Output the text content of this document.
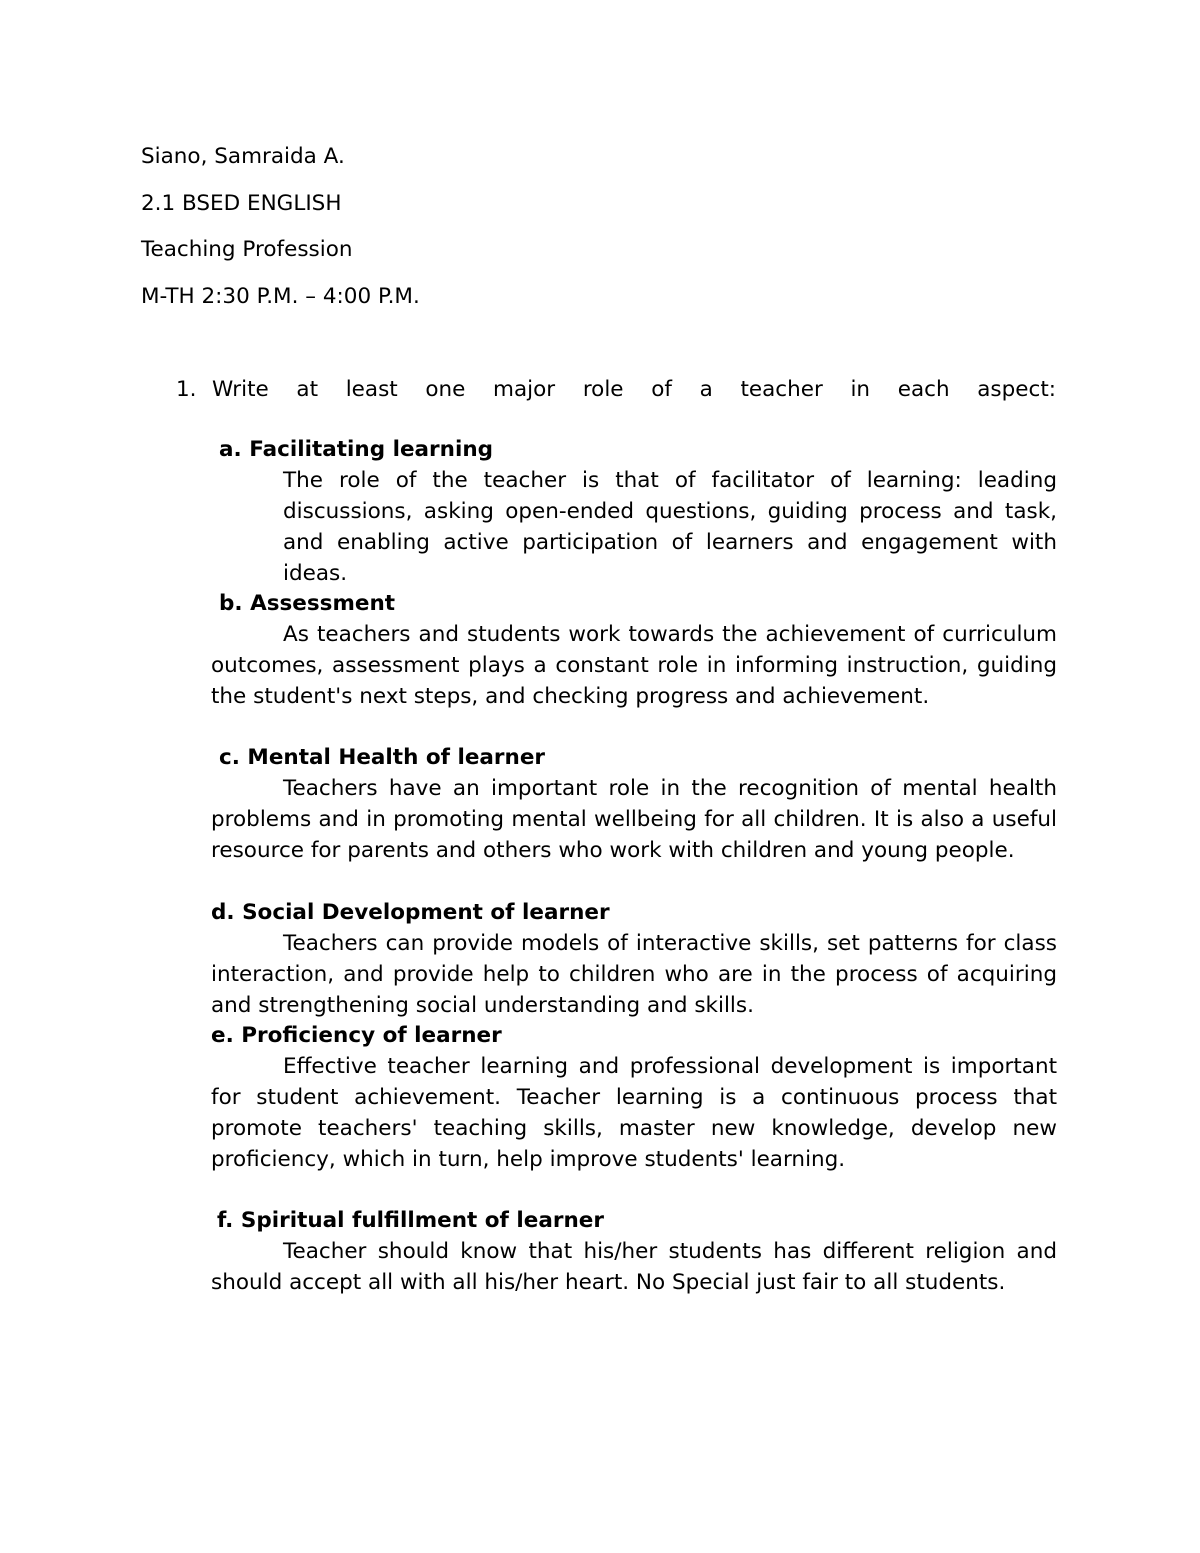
Siano, Samraida A.
2.1 BSED ENGLISH
Teaching Profession
M-TH 2:30 P.M. – 4:00 P.M.
1. Write at least one major role of a teacher in each aspect:
a. Facilitating learning
The role of the teacher is that of facilitator of learning: leading discussions, asking open-ended questions, guiding process and task, and enabling active participation of learners and engagement with ideas.
b. Assessment
As teachers and students work towards the achievement of curriculum outcomes, assessment plays a constant role in informing instruction, guiding the student's next steps, and checking progress and achievement.
c. Mental Health of learner
Teachers have an important role in the recognition of mental health problems and in promoting mental wellbeing for all children. It is also a useful resource for parents and others who work with children and young people.
d. Social Development of learner
Teachers can provide models of interactive skills, set patterns for class interaction, and provide help to children who are in the process of acquiring and strengthening social understanding and skills.
e. Proficiency of learner
Effective teacher learning and professional development is important for student achievement. Teacher learning is a continuous process that promote teachers' teaching skills, master new knowledge, develop new proficiency, which in turn, help improve students' learning.
f. Spiritual fulfillment of learner
Teacher should know that his/her students has different religion and should accept all with all his/her heart. No Special just fair to all students.
